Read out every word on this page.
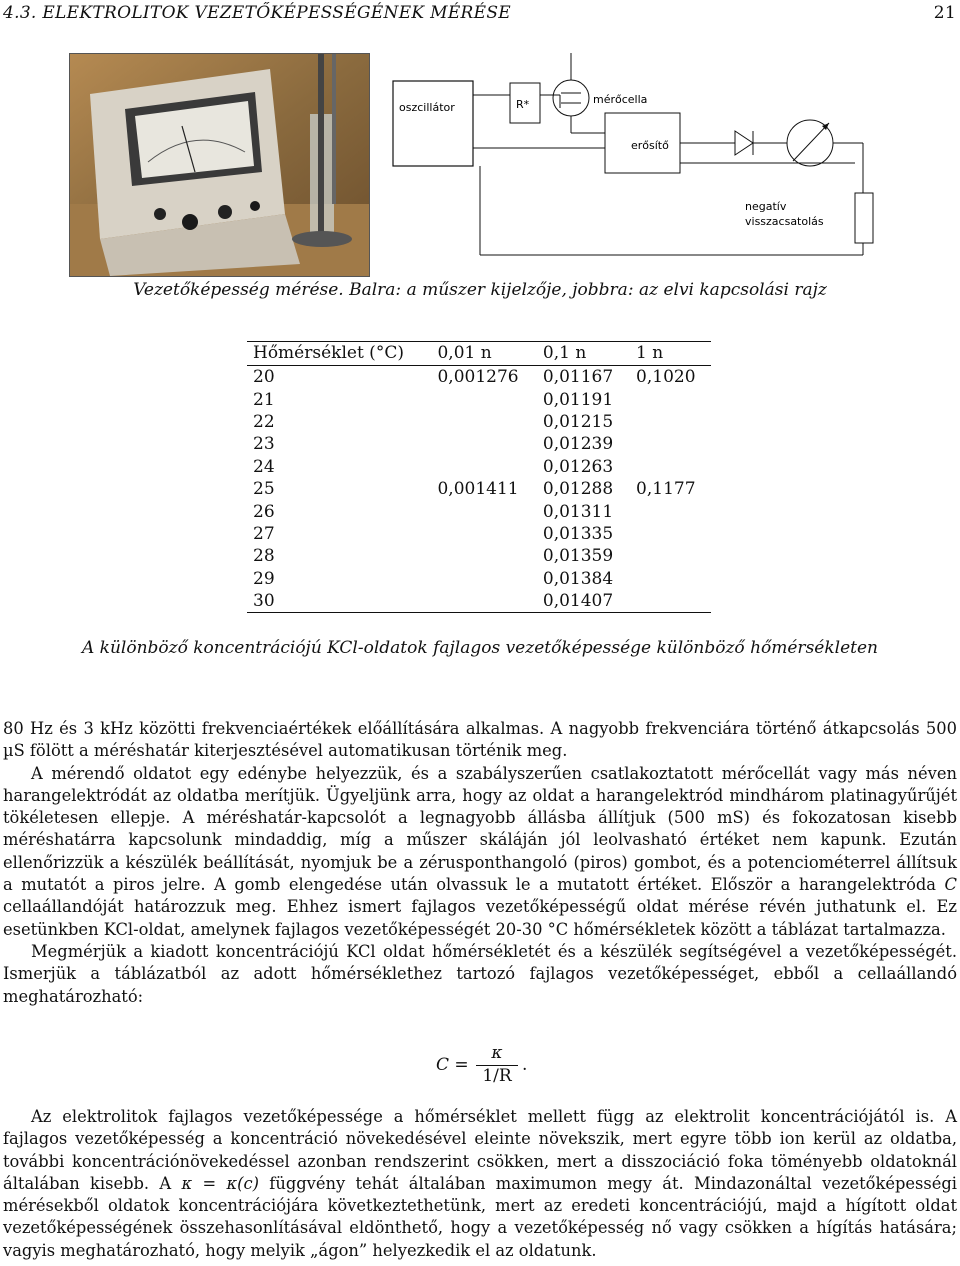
4.3. ELEKTROLITOK VEZETŐKÉPESSÉGÉNEK MÉRÉSE	21
oszcillátor	R*	mérőcella
erősítő
negatív
visszacsatolás
Vezetőképesség mérése. Balra: a műszer kijelzője, jobbra: az elvi kapcsolási rajz
Hőmérséklet (°C)	0,01 n	0,1 n	1 n
20	0,001276	0,01167	0,1020
21		0,01191	
22		0,01215	
23		0,01239	
24		0,01263	
25	0,001411	0,01288	0,1177
26		0,01311	
27		0,01335	
28		0,01359	
29		0,01384	
30		0,01407	
A különböző koncentrációjú KCl-oldatok fajlagos vezetőképessége különböző hőmérsékleten

80 Hz és 3 kHz közötti frekvenciaértékek előállítására alkalmas. A nagyobb frekvenciára történő átkapcsolás 500 µS fölött a méréshatár kiterjesztésével automatikusan történik meg.

A mérendő oldatot egy edénybe helyezzük, és a szabályszerűen csatlakoztatott mérőcellát vagy más néven harangelektródát az oldatba merítjük. Ügyeljünk arra, hogy az oldat a harangelektród mindhárom platinagyűrűjét tökéletesen ellepje. A méréshatár-kapcsolót a legnagyobb állásba állítjuk (500 mS) és fokozatosan kisebb méréshatárra kapcsolunk mindaddig, míg a műszer skáláján jól leolvasható értéket nem kapunk. Ezután ellenőrizzük a készülék beállítását, nyomjuk be a zérusponthangoló (piros) gombot, és a potenciométerrel állítsuk a mutatót a piros jelre. A gomb elengedése után olvassuk le a mutatott értéket. Először a harangelektróda C cellaállandóját határozzuk meg. Ehhez ismert fajlagos vezetőképességű oldat mérése révén juthatunk el. Ez esetünkben KCl-oldat, amelynek fajlagos vezetőképességét 20-30 °C hőmérsékletek között a táblázat tartalmazza.

Megmérjük a kiadott koncentrációjú KCl oldat hőmérsékletét és a készülék segítségével a vezetőképességét. Ismerjük a táblázatból az adott hőmérséklethez tartozó fajlagos vezetőképességet, ebből a cellaállandó meghatározható:

C =
κ
1/R
.

Az elektrolitok fajlagos vezetőképessége a hőmérséklet mellett függ az elektrolit koncentrációjától is. A fajlagos vezetőképesség a koncentráció növekedésével eleinte növekszik, mert egyre több ion kerül az oldatba, további koncentrációnövekedéssel azonban rendszerint csökken, mert a disszociáció foka töményebb oldatoknál általában kisebb. A κ = κ(c) függvény tehát általában maximumon megy át. Mindazonáltal vezetőképességi mérésekből oldatok koncentrációjára következtethetünk, mert az eredeti koncentrációjú, majd a hígított oldat vezetőképességének összehasonlításával eldönthető, hogy a vezetőképesség nő vagy csökken a hígítás hatására; vagyis meghatározható, hogy melyik „ágon” helyezkedik el az oldatunk.
